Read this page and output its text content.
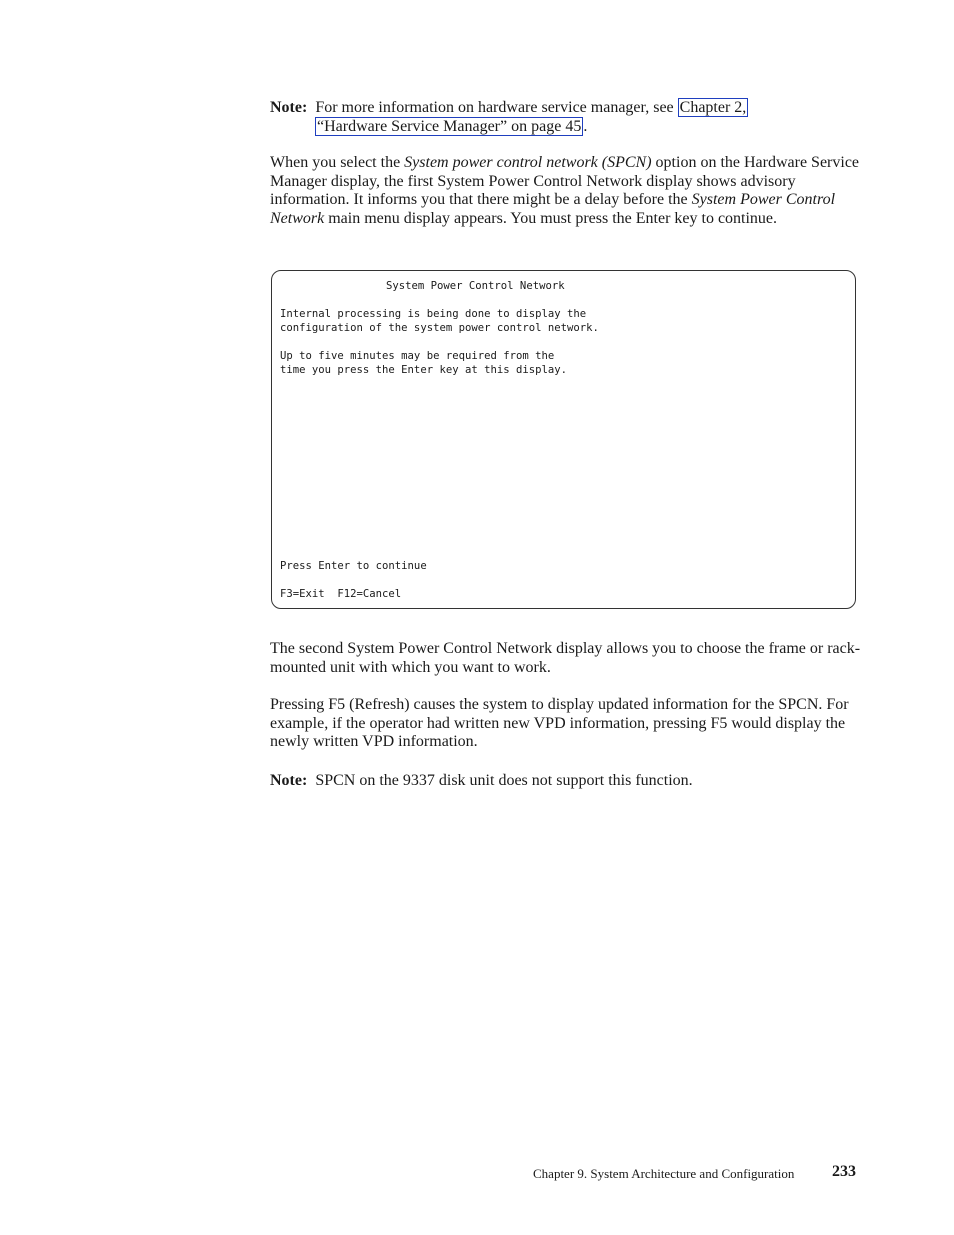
Note: For more information on hardware service manager, see Chapter 2,
“Hardware Service Manager” on page 45 .

When you select the System power control network (SPCN) option on the Hardware Service Manager display, the first System Power Control Network display shows advisory information. It informs you that there might be a delay before the System Power Control Network main menu display appears. You must press the Enter key to continue.

System Power Control Network
Internal processing is being done to display the
configuration of the system power control network.
Up to five minutes may be required from the
time you press the Enter key at this display.
Press Enter to continue
F3=Exit  F12=Cancel

The second System Power Control Network display allows you to choose the frame or rack-mounted unit with which you want to work.

Pressing F5 (Refresh) causes the system to display updated information for the SPCN. For example, if the operator had written new VPD information, pressing F5 would display the newly written VPD information.

Note: SPCN on the 9337 disk unit does not support this function.
Chapter 9. System Architecture and Configuration 233
